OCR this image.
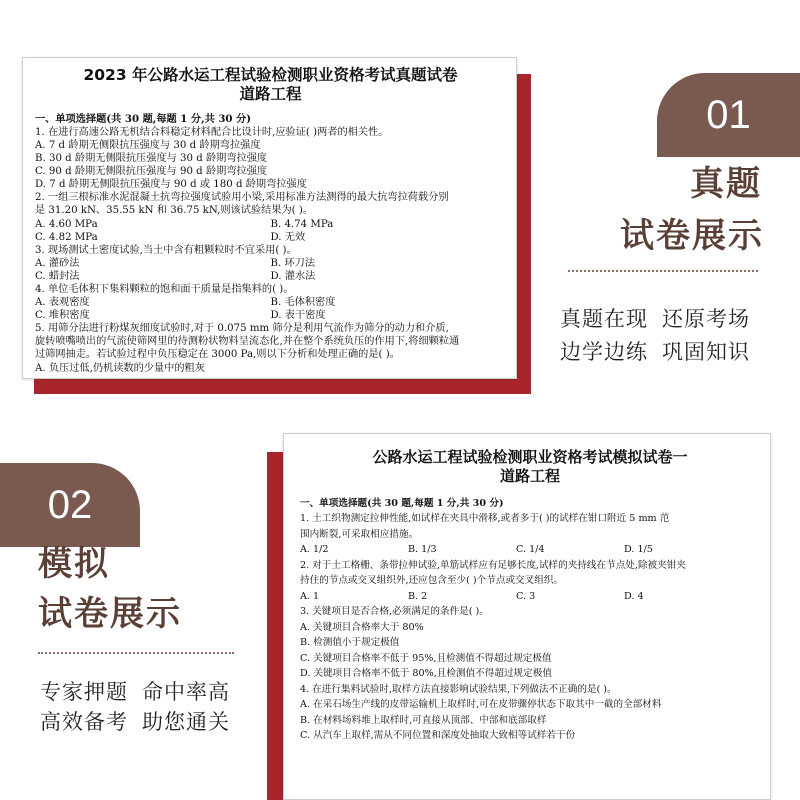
2023 年公路水运工程试验检测职业资格考试真题试卷
道路工程
一、单项选择题(共 30 题,每题 1 分,共 30 分)
1. 在进行高速公路无机结合料稳定材料配合比设计时,应验证( )两者的相关性。
A. 7 d 龄期无侧限抗压强度与 30 d 龄期弯拉强度
B. 30 d 龄期无侧限抗压强度与 30 d 龄期弯拉强度
C. 90 d 龄期无侧限抗压强度与 90 d 龄期弯拉强度
D. 7 d 龄期无侧限抗压强度与 90 d 或 180 d 龄期弯拉强度
2. 一组三根标准水泥混凝土抗弯拉强度试验用小梁,采用标准方法测得的最大抗弯拉荷载分别
是 31.20 kN、35.55 kN 和 36.75 kN,则该试验结果为( )。
A. 4.60 MPa	B. 4.74 MPa
C. 4.82 MPa	D. 无效
3. 现场测试土密度试验,当土中含有粗颗粒时不宜采用( )。
A. 灌砂法	B. 环刀法
C. 蜡封法	D. 灌水法
4. 单位毛体积下集料颗粒的饱和面干质量是指集料的( )。
A. 表观密度	B. 毛体积密度
C. 堆积密度	D. 表干密度
5. 用筛分法进行粉煤灰细度试验时,对于 0.075 mm 筛分是利用气流作为筛分的动力和介质,
旋转喷嘴喷出的气流使筛网里的待测粉状物料呈流态化,并在整个系统负压的作用下,将细颗粒通
过筛网抽走。若试验过程中负压稳定在 3000 Pa,则以下分析和处理正确的是( )。
A. 负压过低,仍机读数的少量中的粗灰
01
真题
试卷展示
真题在现 还原考场
边学边练 巩固知识
公路水运工程试验检测职业资格考试模拟试卷一
道路工程
一、单项选择题(共 30 题,每题 1 分,共 30 分)
1. 土工织物测定拉伸性能,如试样在夹具中滑移,或者多于( )的试样在钳口附近 5 mm 范
围内断裂,可采取相应措施。
A. 1/2	B. 1/3	C. 1/4	D. 1/5
2. 对于土工格栅、条带拉伸试验,单筋试样应有足够长度,试样的夹持线在节点处,除被夹钳夹
持住的节点或交叉组织外,还应包含至少( )个节点或交叉组织。
A. 1	B. 2	C. 3	D. 4
3. 关键项目是否合格,必须满足的条件是( )。
A. 关键项目合格率大于 80%
B. 检测值小于规定极值
C. 关键项目合格率不低于 95%,且检测值不得超过规定极值
D. 关键项目合格率不低于 80%,且检测值不得超过规定极值
4. 在进行集料试验时,取样方法直接影响试验结果,下列做法不正确的是( )。
A. 在采石场生产线的皮带运输机上取样时,可在皮带骤停状态下取其中一截的全部材料
B. 在材料场料堆上取样时,可直接从顶部、中部和底部取样
C. 从汽车上取样,需从不同位置和深度处抽取大致相等试样若干份
02
模拟
试卷展示
专家押题 命中率高
高效备考 助您通关
